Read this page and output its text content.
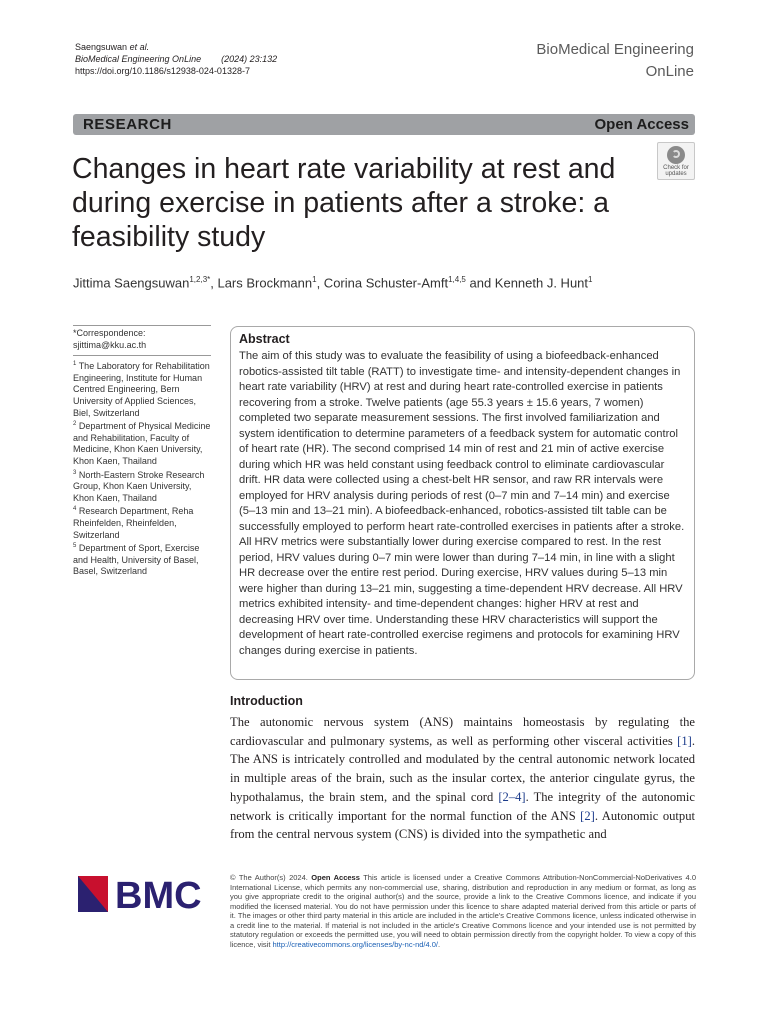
Saengsuwan et al.
BioMedical Engineering OnLine (2024) 23:132
https://doi.org/10.1186/s12938-024-01328-7
BioMedical Engineering
OnLine
RESEARCH	Open Access
Changes in heart rate variability at rest and during exercise in patients after a stroke: a feasibility study
Check for updates
Jittima Saengsuwan$^{1,2,3*}$, Lars Brockmann$^1$, Corina Schuster-Amft$^{1,4,5}$ and Kenneth J. Hunt$^1$
*Correspondence:
sjittima@kku.ac.th
$^1$ The Laboratory for Rehabilitation Engineering, Institute for Human Centred Engineering, Bern University of Applied Sciences, Biel, Switzerland
$^2$ Department of Physical Medicine and Rehabilitation, Faculty of Medicine, Khon Kaen University, Khon Kaen, Thailand
$^3$ North-Eastern Stroke Research Group, Khon Kaen University, Khon Kaen, Thailand
$^4$ Research Department, Reha Rheinfelden, Rheinfelden, Switzerland
$^5$ Department of Sport, Exercise and Health, University of Basel, Basel, Switzerland
Abstract

The aim of this study was to evaluate the feasibility of using a biofeedback-enhanced robotics-assisted tilt table (RATT) to investigate time- and intensity-dependent changes in heart rate variability (HRV) at rest and during heart rate-controlled exercise in patients recovering from a stroke. Twelve patients (age 55.3 years ± 15.6 years, 7 women) completed two separate measurement sessions. The first involved familiarization and system identification to determine parameters of a feedback system for automatic control of heart rate (HR). The second comprised 14 min of rest and 21 min of active exercise during which HR was held constant using feedback control to eliminate cardiovascular drift. HR data were collected using a chest-belt HR sensor, and raw RR intervals were employed for HRV analysis during periods of rest (0–7 min and 7–14 min) and exercise (5–13 min and 13–21 min). A biofeedback-enhanced, robotics-assisted tilt table can be successfully employed to perform heart rate-controlled exercises in patients after a stroke. All HRV metrics were substantially lower during exercise compared to rest. In the rest period, HRV values during 0–7 min were lower than during 7–14 min, in line with a slight HR decrease over the entire rest period. During exercise, HRV values during 5–13 min were higher than during 13–21 min, suggesting a time-dependent HRV decrease. All HRV metrics exhibited intensity- and time-dependent changes: higher HRV at rest and decreasing HRV over time. Understanding these HRV characteristics will support the development of heart rate-controlled exercise regimens and protocols for examining HRV changes during exercise in patients.

Introduction

The autonomic nervous system (ANS) maintains homeostasis by regulating the cardiovascular and pulmonary systems, as well as performing other visceral activities [1]. The ANS is intricately controlled and modulated by the central autonomic network located in multiple areas of the brain, such as the insular cortex, the anterior cingulate gyrus, the hypothalamus, the brain stem, and the spinal cord [2–4]. The integrity of the autonomic network is critically important for the normal function of the ANS [2]. Autonomic output from the central nervous system (CNS) is divided into the sympathetic and

BMC	© The Author(s) 2024. Open Access This article is licensed under a Creative Commons Attribution-NonCommercial-NoDerivatives 4.0 International License, which permits any non-commercial use, sharing, distribution and reproduction in any medium or format, as long as you give appropriate credit to the original author(s) and the source, provide a link to the Creative Commons licence, and indicate if you modified the licensed material. You do not have permission under this licence to share adapted material derived from this article or parts of it. The images or other third party material in this article are included in the article's Creative Commons licence, unless indicated otherwise in a credit line to the material. If material is not included in the article's Creative Commons licence and your intended use is not permitted by statutory regulation or exceeds the permitted use, you will need to obtain permission directly from the copyright holder. To view a copy of this licence, visit http://creativecommons.org/licenses/by-nc-nd/4.0/.
